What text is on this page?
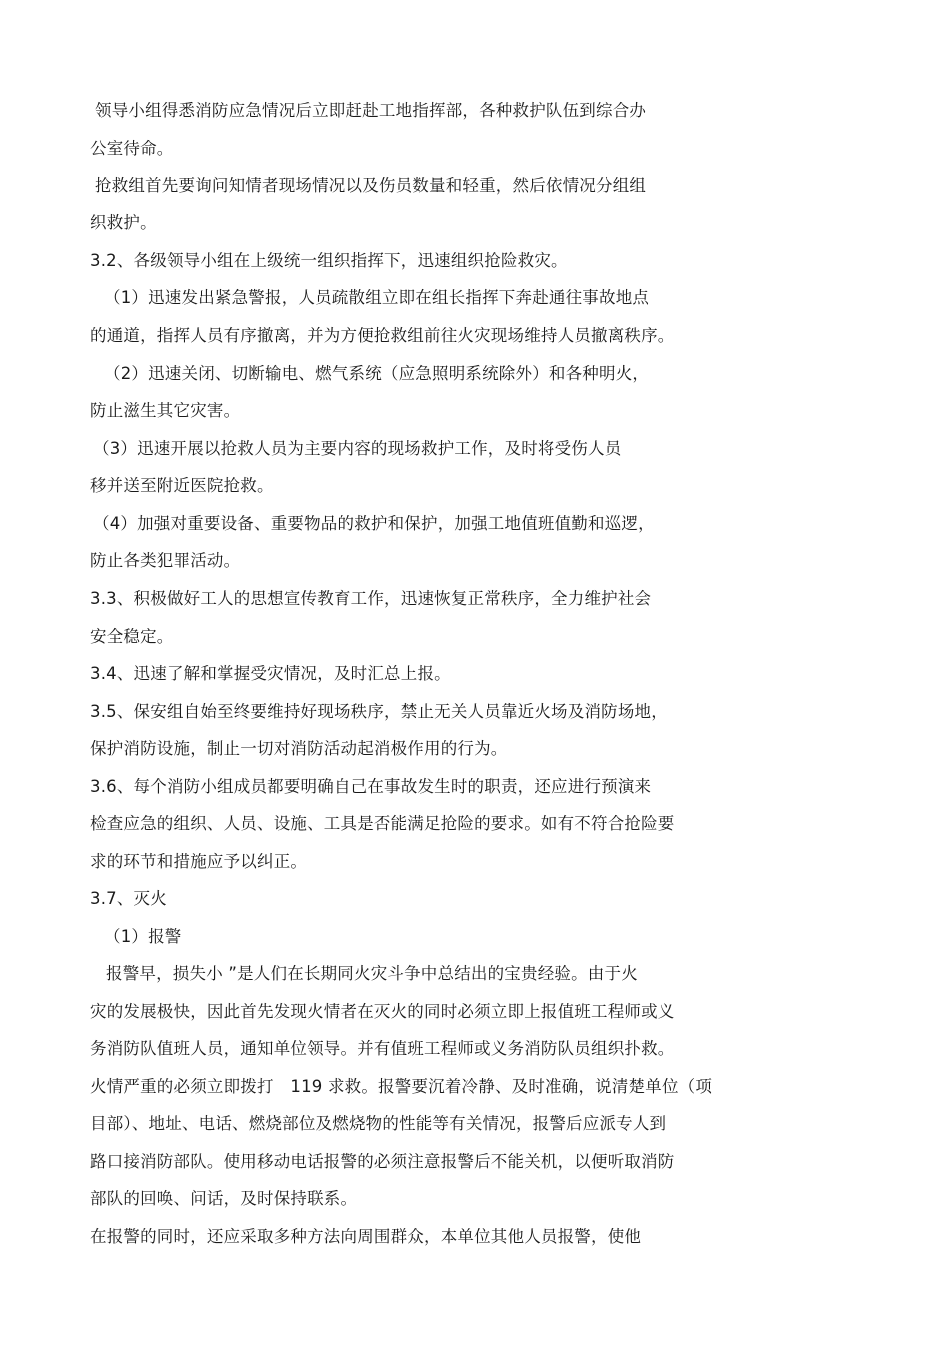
领导小组得悉消防应急情况后立即赶赴工地指挥部，各种救护队伍到综合办
公室待命。
抢救组首先要询问知情者现场情况以及伤员数量和轻重，然后依情况分组组
织救护。
3.2、各级领导小组在上级统一组织指挥下，迅速组织抢险救灾。
（1）迅速发出紧急警报，人员疏散组立即在组长指挥下奔赴通往事故地点
的通道，指挥人员有序撤离，并为方便抢救组前往火灾现场维持人员撤离秩序。
（2）迅速关闭、切断输电、燃气系统（应急照明系统除外）和各种明火，
防止滋生其它灾害。
（3）迅速开展以抢救人员为主要内容的现场救护工作，及时将受伤人员
移并送至附近医院抢救。
（4）加强对重要设备、重要物品的救护和保护，加强工地值班值勤和巡逻，
防止各类犯罪活动。
3.3、积极做好工人的思想宣传教育工作，迅速恢复正常秩序，全力维护社会
安全稳定。
3.4、迅速了解和掌握受灾情况，及时汇总上报。
3.5、保安组自始至终要维持好现场秩序，禁止无关人员靠近火场及消防场地，
保护消防设施，制止一切对消防活动起消极作用的行为。
3.6、每个消防小组成员都要明确自己在事故发生时的职责，还应进行预演来
检查应急的组织、人员、设施、工具是否能满足抢险的要求。如有不符合抢险要
求的环节和措施应予以纠正。
3.7、灭火
（1）报警
报警早，损失小 ”是人们在长期同火灾斗争中总结出的宝贵经验。由于火
灾的发展极快，因此首先发现火情者在灭火的同时必须立即上报值班工程师或义
务消防队值班人员，通知单位领导。并有值班工程师或义务消防队员组织扑救。
火情严重的必须立即拨打　119 求救。报警要沉着冷静、及时准确，说清楚单位（项
目部）、地址、电话、燃烧部位及燃烧物的性能等有关情况，报警后应派专人到
路口接消防部队。使用移动电话报警的必须注意报警后不能关机，以便听取消防
部队的回唤、问话，及时保持联系。
在报警的同时，还应采取多种方法向周围群众，本单位其他人员报警，使他
